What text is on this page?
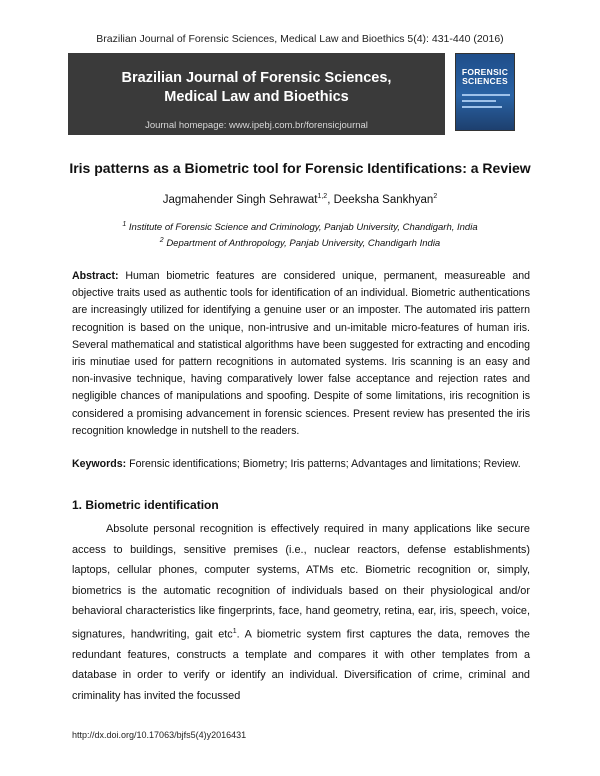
Brazilian Journal of Forensic Sciences, Medical Law and Bioethics 5(4): 431-440 (2016)
Brazilian Journal of Forensic Sciences,
Medical Law and Bioethics
Journal homepage: www.ipebj.com.br/forensicjournal
FORENSIC
SCIENCES
Iris patterns as a Biometric tool for Forensic Identifications: a Review
Jagmahender Singh Sehrawat$^{1,2}$, Deeksha Sankhyan$^2$
$^1$ Institute of Forensic Science and Criminology, Panjab University, Chandigarh, India
$^2$ Department of Anthropology, Panjab University, Chandigarh India

Abstract: Human biometric features are considered unique, permanent, measureable and objective traits used as authentic tools for identification of an individual. Biometric authentications are increasingly utilized for identifying a genuine user or an imposter. The automated iris pattern recognition is based on the unique, non-intrusive and un-imitable micro-features of human iris. Several mathematical and statistical algorithms have been suggested for extracting and encoding iris minutiae used for pattern recognitions in automated systems. Iris scanning is an easy and non-invasive technique, having comparatively lower false acceptance and rejection rates and negligible chances of manipulations and spoofing. Despite of some limitations, iris recognition is considered a promising advancement in forensic sciences. Present review has presented the iris recognition knowledge in nutshell to the readers.

Keywords: Forensic identifications; Biometry; Iris patterns; Advantages and limitations; Review.

1. Biometric identification

Absolute personal recognition is effectively required in many applications like secure access to buildings, sensitive premises (i.e., nuclear reactors, defense establishments) laptops, cellular phones, computer systems, ATMs etc. Biometric recognition or, simply, biometrics is the automatic recognition of individuals based on their physiological and/or behavioral characteristics like fingerprints, face, hand geometry, retina, ear, iris, speech, voice, signatures, handwriting, gait etc$^1$. A biometric system first captures the data, removes the redundant features, constructs a template and compares it with other templates from a database in order to verify or identify an individual. Diversification of crime, criminal and criminality has invited the focussed

http://dx.doi.org/10.17063/bjfs5(4)y2016431
